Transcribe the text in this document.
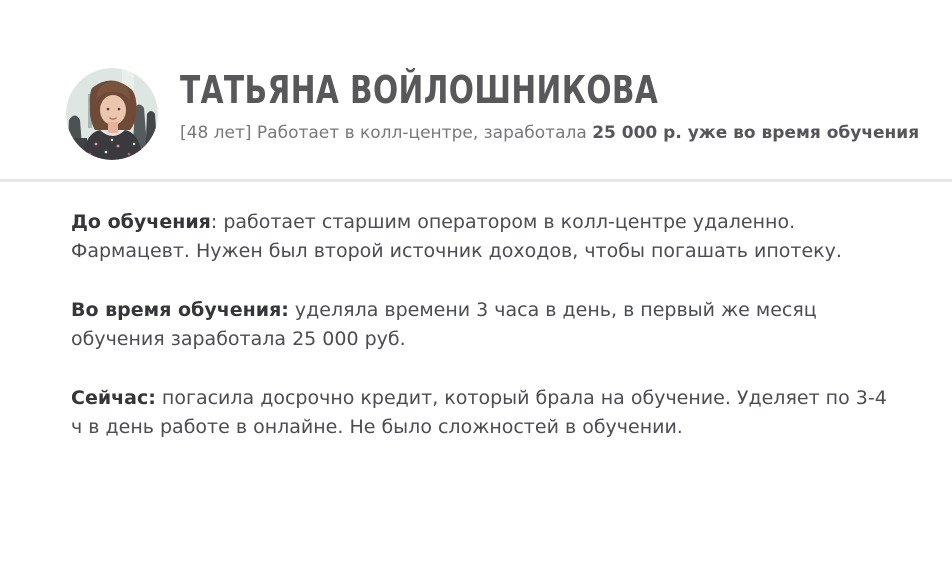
ТАТЬЯНА ВОЙЛОШНИКОВА
[48 лет] Работает в колл-центре, заработала 25 000 р. уже во время обучения

До обучения: работает старшим оператором в колл-центре удаленно.
Фармацевт. Нужен был второй источник доходов, чтобы погашать ипотеку.

Во время обучения: уделяла времени 3 часа в день, в первый же месяц
обучения заработала 25 000 руб.

Сейчас: погасила досрочно кредит, который брала на обучение. Уделяет по 3-4
ч в день работе в онлайне. Не было сложностей в обучении.
